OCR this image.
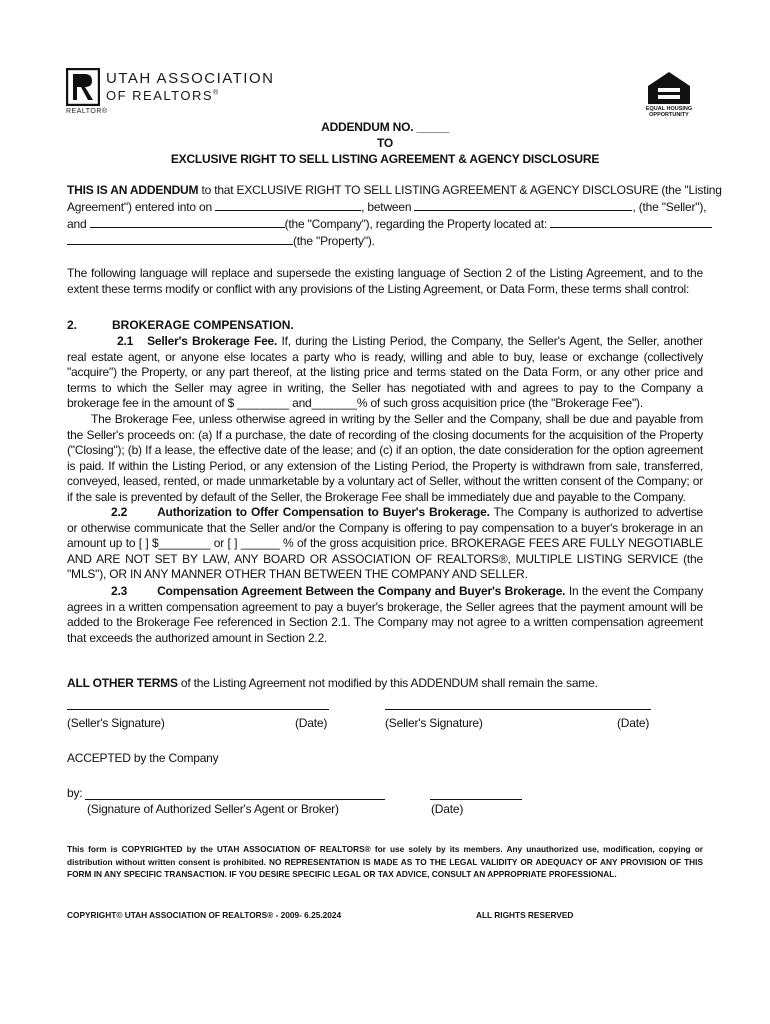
REALTOR®
UTAH ASSOCIATION
OF REALTORS®
EQUAL HOUSING
OPPORTUNITY
ADDENDUM NO. _____
TO
EXCLUSIVE RIGHT TO SELL LISTING AGREEMENT & AGENCY DISCLOSURE
THIS IS AN ADDENDUM to that EXCLUSIVE RIGHT TO SELL LISTING AGREEMENT & AGENCY DISCLOSURE (the "Listing
Agreement") entered into on	, between	, (the "Seller"),
and	(the "Company"), regarding the Property located at:
(the "Property").
The following language will replace and supersede the existing language of Section 2 of the Listing Agreement, and to the extent these terms modify or conflict with any provisions of the Listing Agreement, or Data Form, these terms shall control:
2.	BROKERAGE COMPENSATION.
2.1 Seller's Brokerage Fee. If, during the Listing Period, the Company, the Seller's Agent, the Seller, another real estate agent, or anyone else locates a party who is ready, willing and able to buy, lease or exchange (collectively "acquire") the Property, or any part thereof, at the listing price and terms stated on the Data Form, or any other price and terms to which the Seller may agree in writing, the Seller has negotiated with and agrees to pay to the Company a brokerage fee in the amount of $ ________ and_______% of such gross acquisition price (the "Brokerage Fee").
The Brokerage Fee, unless otherwise agreed in writing by the Seller and the Company, shall be due and payable from the Seller's proceeds on: (a) If a purchase, the date of recording of the closing documents for the acquisition of the Property ("Closing"); (b) If a lease, the effective date of the lease; and (c) if an option, the date consideration for the option agreement is paid. If within the Listing Period, or any extension of the Listing Period, the Property is withdrawn from sale, transferred, conveyed, leased, rented, or made unmarketable by a voluntary act of Seller, without the written consent of the Company; or if the sale is prevented by default of the Seller, the Brokerage Fee shall be immediately due and payable to the Company.
2.2	Authorization to Offer Compensation to Buyer's Brokerage. The Company is authorized to advertise or otherwise communicate that the Seller and/or the Company is offering to pay compensation to a buyer's brokerage in an amount up to [ ] $________ or [ ] ______ % of the gross acquisition price. BROKERAGE FEES ARE FULLY NEGOTIABLE AND ARE NOT SET BY LAW, ANY BOARD OR ASSOCIATION OF REALTORS®, MULTIPLE LISTING SERVICE (the "MLS"), OR IN ANY MANNER OTHER THAN BETWEEN THE COMPANY AND SELLER.
2.3	Compensation Agreement Between the Company and Buyer's Brokerage. In the event the Company agrees in a written compensation agreement to pay a buyer's brokerage, the Seller agrees that the payment amount will be added to the Brokerage Fee referenced in Section 2.1. The Company may not agree to a written compensation agreement that exceeds the authorized amount in Section 2.2.
ALL OTHER TERMS of the Listing Agreement not modified by this ADDENDUM shall remain the same.
(Seller's Signature)	(Date)	(Seller's Signature)	(Date)
ACCEPTED by the Company
by:
(Signature of Authorized Seller's Agent or Broker)	(Date)
This form is COPYRIGHTED by the UTAH ASSOCIATION OF REALTORS® for use solely by its members. Any unauthorized use, modification, copying or distribution without written consent is prohibited. NO REPRESENTATION IS MADE AS TO THE LEGAL VALIDITY OR ADEQUACY OF ANY PROVISION OF THIS FORM IN ANY SPECIFIC TRANSACTION. IF YOU DESIRE SPECIFIC LEGAL OR TAX ADVICE, CONSULT AN APPROPRIATE PROFESSIONAL.
COPYRIGHT© UTAH ASSOCIATION OF REALTORS® - 2009- 6.25.2024	ALL RIGHTS RESERVED
